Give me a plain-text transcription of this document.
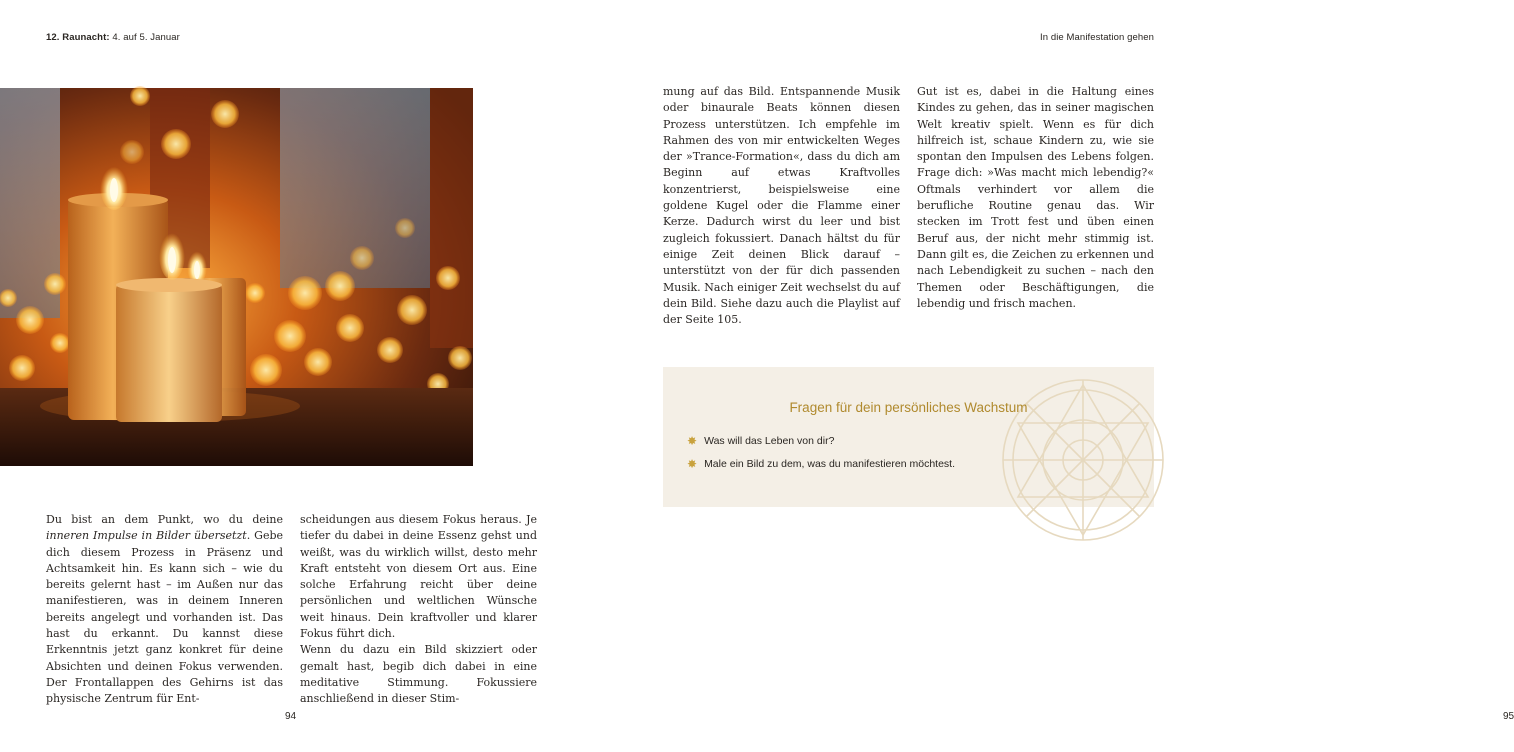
12. Raunacht: 4. auf 5. Januar

Du bist an dem Punkt, wo du deine inneren Impulse in Bilder übersetzt. Gebe dich diesem Prozess in Präsenz und Achtsamkeit hin. Es kann sich – wie du bereits gelernt hast – im Außen nur das manifestieren, was in deinem Inneren bereits angelegt und vorhanden ist. Das hast du erkannt. Du kannst diese Erkenntnis jetzt ganz konkret für deine Absichten und deinen Fokus verwenden. Der Frontallappen des Gehirns ist das physische Zentrum für Ent-

scheidungen aus diesem Fokus heraus. Je tiefer du dabei in deine Essenz gehst und weißt, was du wirklich willst, desto mehr Kraft entsteht von diesem Ort aus. Eine solche Erfahrung reicht über deine persönlichen und weltlichen Wünsche weit hinaus. Dein kraftvoller und klarer Fokus führt dich.

Wenn du dazu ein Bild skizziert oder gemalt hast, begib dich dabei in eine meditative Stimmung. Fokussiere anschließend in dieser Stim-

94
In die Manifestation gehen
95

mung auf das Bild. Entspannende Musik oder binaurale Beats können diesen Prozess unterstützen. Ich empfehle im Rahmen des von mir entwickelten Weges der »Trance-Formation«, dass du dich am Beginn auf etwas Kraftvolles konzentrierst, beispielsweise eine goldene Kugel oder die Flamme einer Kerze. Dadurch wirst du leer und bist zugleich fokussiert. Danach hältst du für einige Zeit deinen Blick darauf – unterstützt von der für dich passenden Musik. Nach einiger Zeit wechselst du auf dein Bild. Siehe dazu auch die Playlist auf der Seite 105.

Gut ist es, dabei in die Haltung eines Kindes zu gehen, das in seiner magischen Welt kreativ spielt. Wenn es für dich hilfreich ist, schaue Kindern zu, wie sie spontan den Impulsen des Lebens folgen. Frage dich: »Was macht mich lebendig?« Oftmals verhindert vor allem die berufliche Routine genau das. Wir stecken im Trott fest und üben einen Beruf aus, der nicht mehr stimmig ist. Dann gilt es, die Zeichen zu erkennen und nach Lebendigkeit zu suchen – nach den Themen oder Beschäftigungen, die lebendig und frisch machen.

Fragen für dein persönliches Wachstum
✸ Was will das Leben von dir?
✸ Male ein Bild zu dem, was du manifestieren möchtest.
